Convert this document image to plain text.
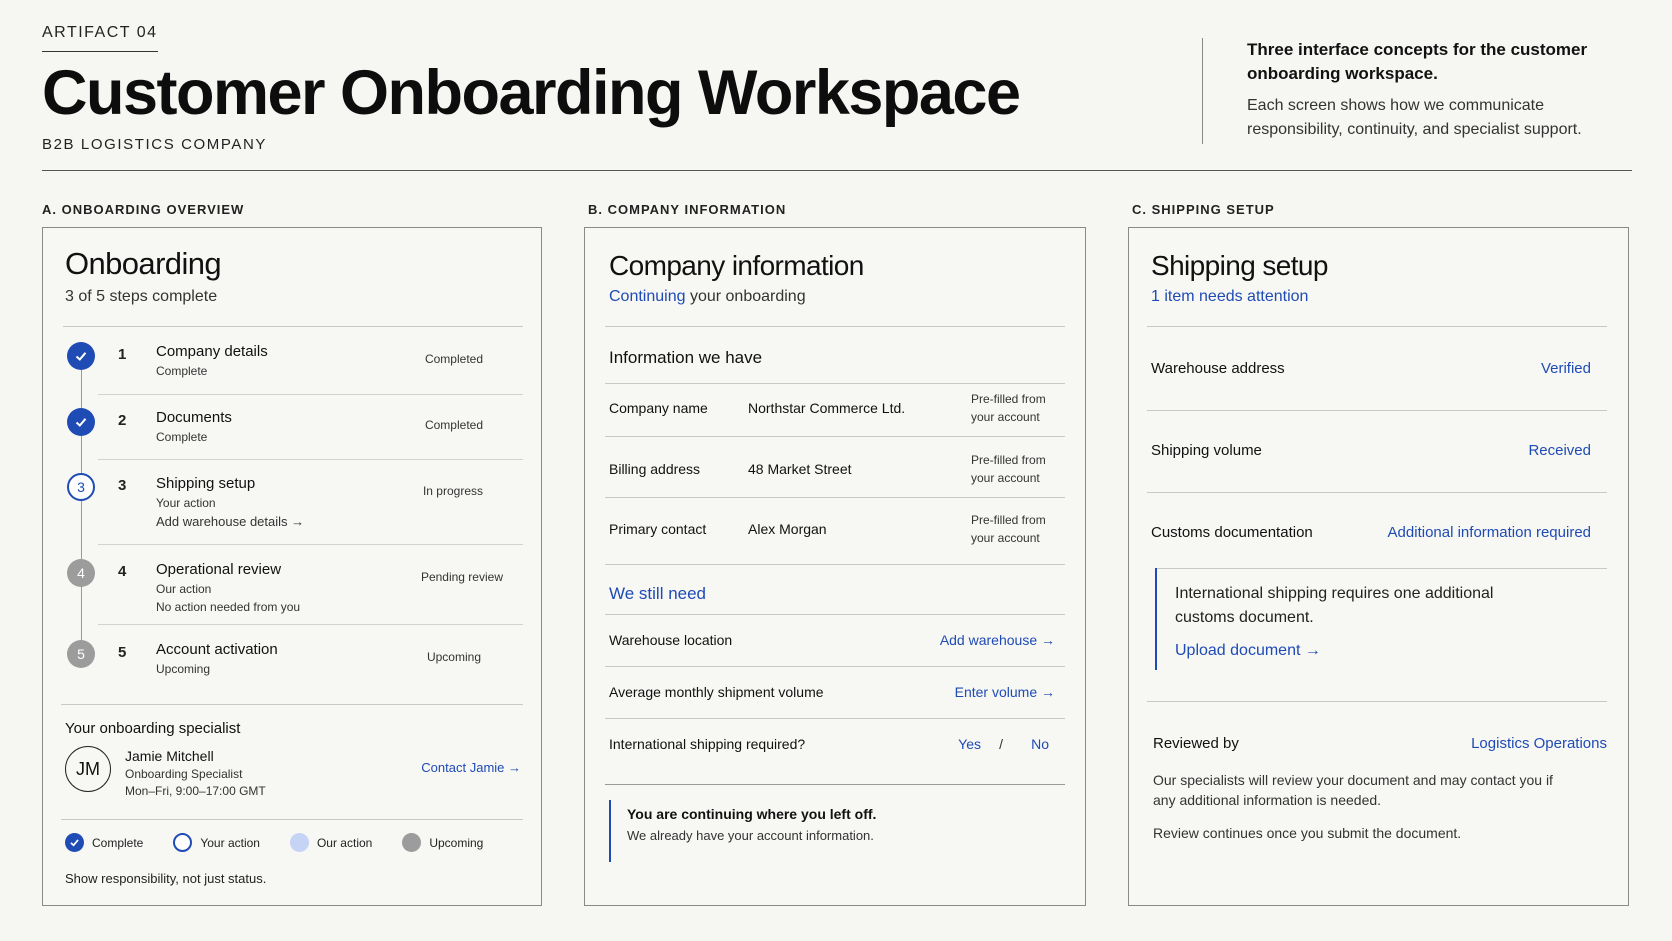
ARTIFACT 04
Customer Onboarding Workspace
B2B LOGISTICS COMPANY
Three interface concepts for the customer onboarding workspace.
Each screen shows how we communicate responsibility, continuity, and specialist support.
A. ONBOARDING OVERVIEW	B. COMPANY INFORMATION	C. SHIPPING SETUP
Onboarding
3 of 5 steps complete
1 Company details
Complete
Completed
2 Documents
Complete
Completed
3	3 Shipping setup
Your action
Add warehouse details →
In progress
4	4 Operational review
Our action
No action needed from you
Pending review
5	5 Account activation
Upcoming
Upcoming
Your onboarding specialist
JM
Jamie Mitchell
Onboarding Specialist
Mon–Fri, 9:00–17:00 GMT
Contact Jamie →
Complete	Your action	Our action	Upcoming
Show responsibility, not just status.
Company information
Continuing your onboarding
Information we have
Company name	Northstar Commerce Ltd.
Pre-filled from your account
Billing address	48 Market Street
Pre-filled from your account
Primary contact	Alex Morgan
Pre-filled from your account
We still need
Warehouse location	Add warehouse →
Average monthly shipment volume	Enter volume →
International shipping required?	Yes / No
You are continuing where you left off.
We already have your account information.
Shipping setup
1 item needs attention
Warehouse address	Verified
Shipping volume	Received
Customs documentation	Additional information required
International shipping requires one additional customs document.
Upload document →
Reviewed by	Logistics Operations
Our specialists will review your document and may contact you if any additional information is needed.
Review continues once you submit the document.
